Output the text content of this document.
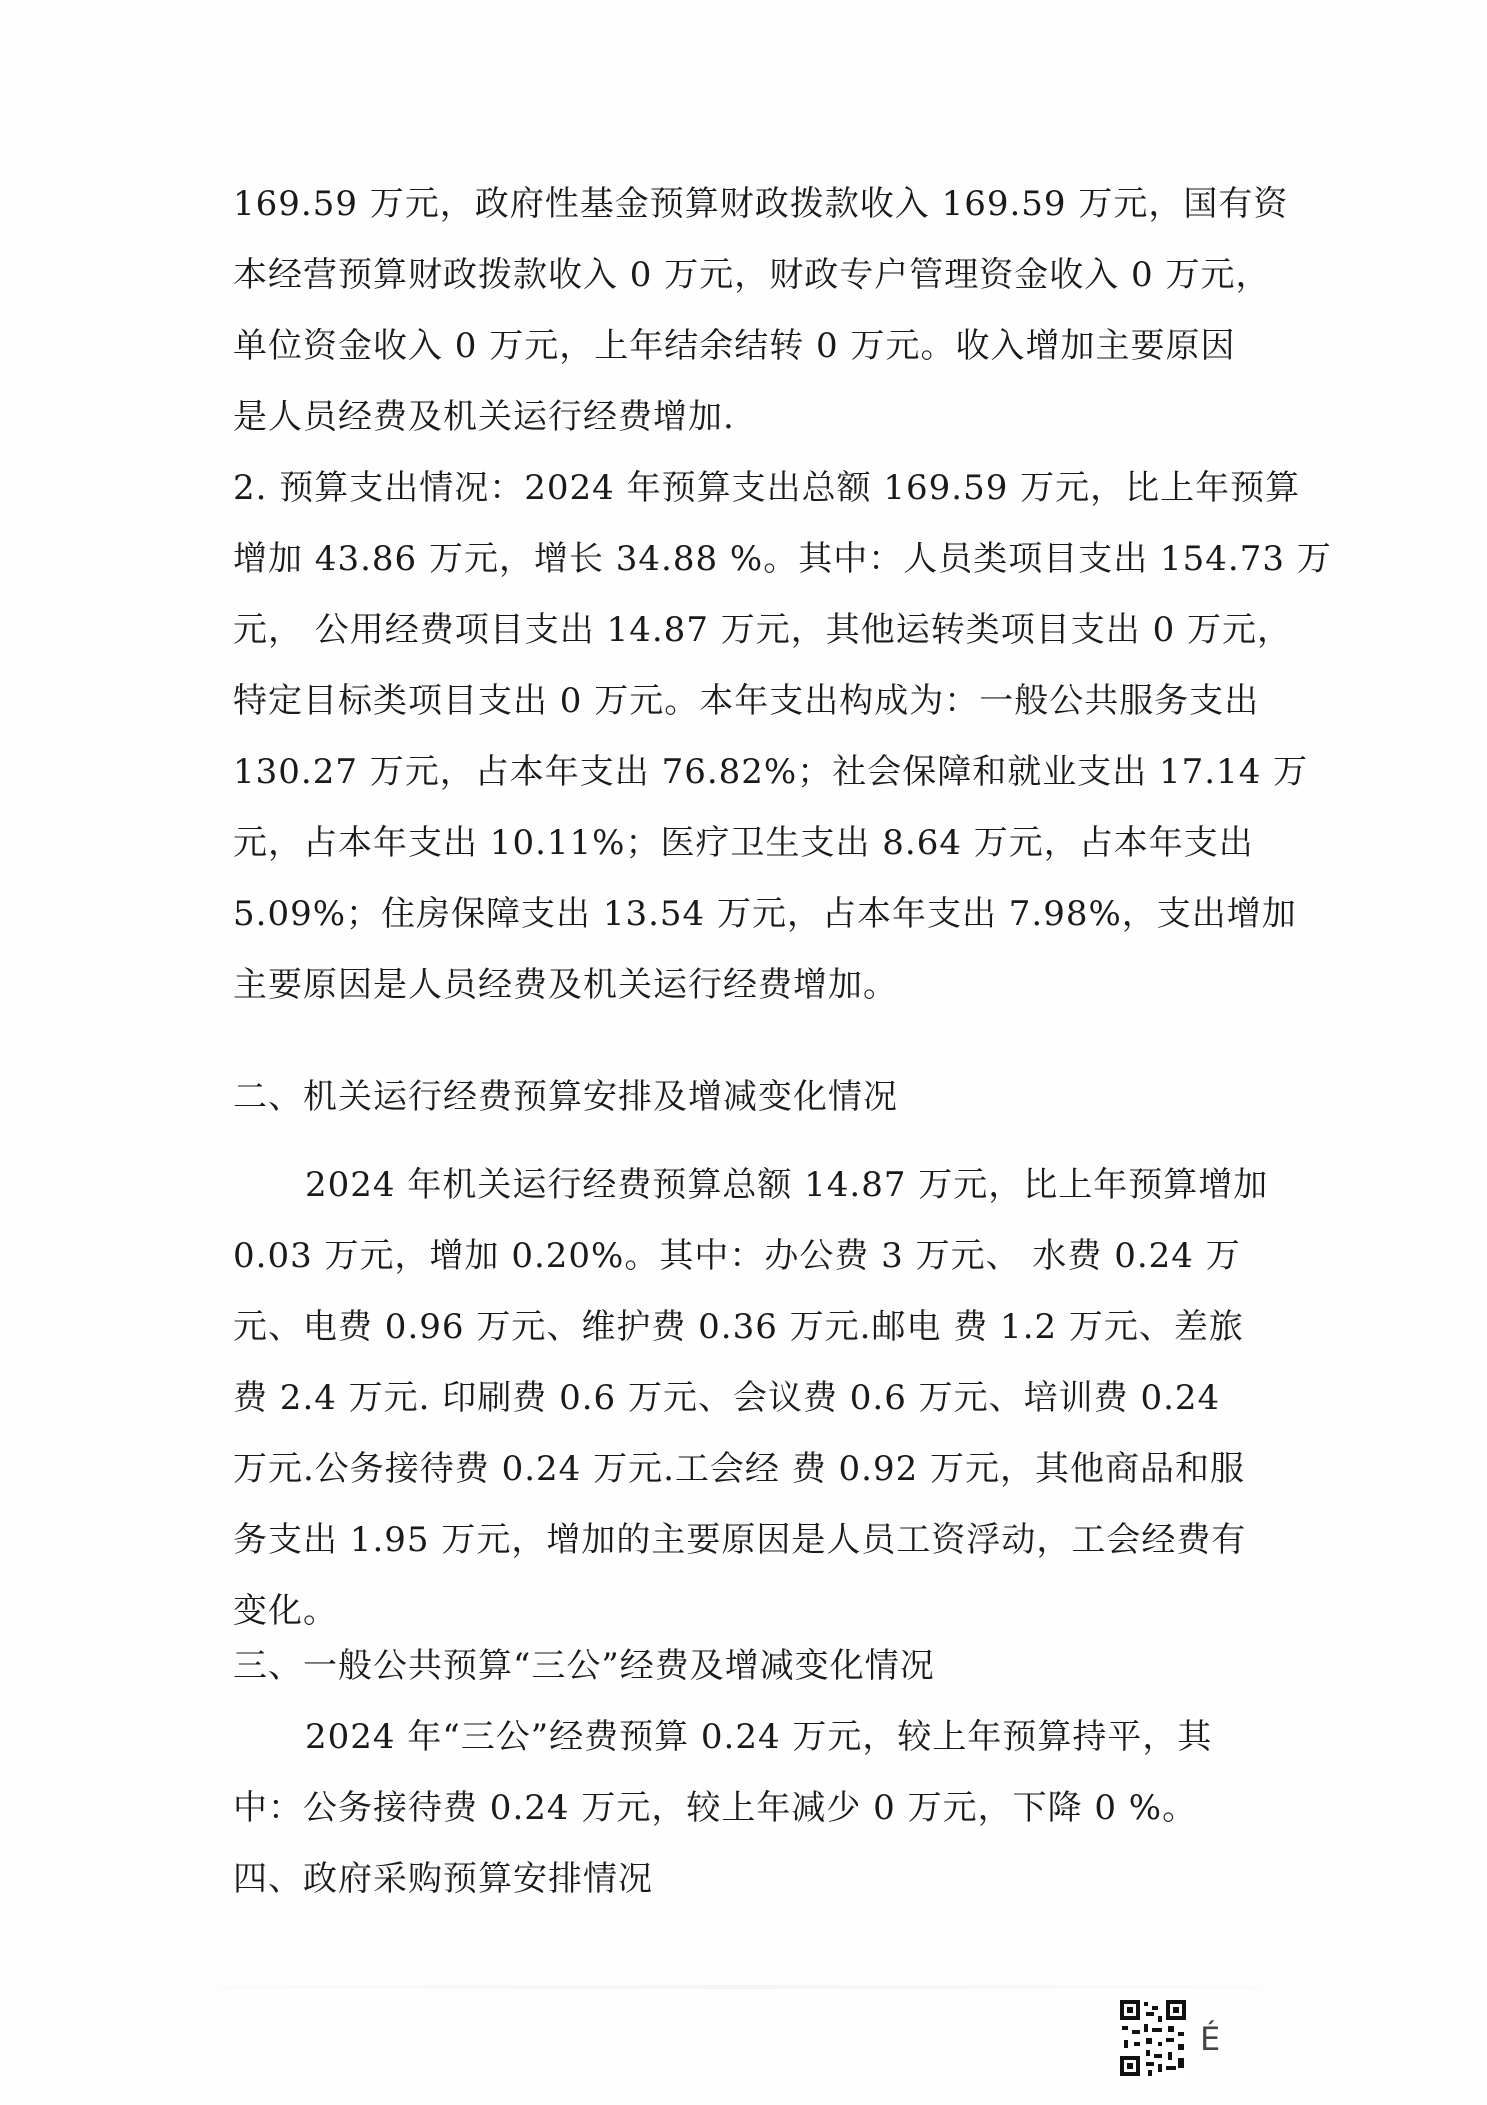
169.59 万元，政府性基金预算财政拨款收入 169.59 万元，国有资
本经营预算财政拨款收入 0 万元，财政专户管理资金收入 0 万元，
单位资金收入 0 万元，上年结余结转 0 万元。收入增加主要原因
是人员经费及机关运行经费增加.
2. 预算支出情况：2024 年预算支出总额 169.59 万元，比上年预算
增加 43.86 万元，增长 34.88 %。其中：人员类项目支出 154.73 万
元， 公用经费项目支出 14.87 万元，其他运转类项目支出 0 万元，
特定目标类项目支出 0 万元。本年支出构成为：一般公共服务支出
130.27 万元，占本年支出 76.82%；社会保障和就业支出 17.14 万
元，占本年支出 10.11%；医疗卫生支出 8.64 万元，占本年支出
5.09%；住房保障支出 13.54 万元，占本年支出 7.98%，支出增加
主要原因是人员经费及机关运行经费增加。
二、机关运行经费预算安排及增减变化情况
2024 年机关运行经费预算总额 14.87 万元，比上年预算增加
0.03 万元，增加 0.20%。其中：办公费 3 万元、 水费 0.24 万
元、电费 0.96 万元、维护费 0.36 万元.邮电 费 1.2 万元、差旅
费 2.4 万元. 印刷费 0.6 万元、会议费 0.6 万元、培训费 0.24
万元.公务接待费 0.24 万元.工会经 费 0.92 万元，其他商品和服
务支出 1.95 万元，增加的主要原因是人员工资浮动，工会经费有
变化。
三、一般公共预算“三公”经费及增减变化情况
2024 年“三公”经费预算 0.24 万元，较上年预算持平，其
中：公务接待费 0.24 万元，较上年减少 0 万元，下降 0 %。
四、政府采购预算安排情况
É
